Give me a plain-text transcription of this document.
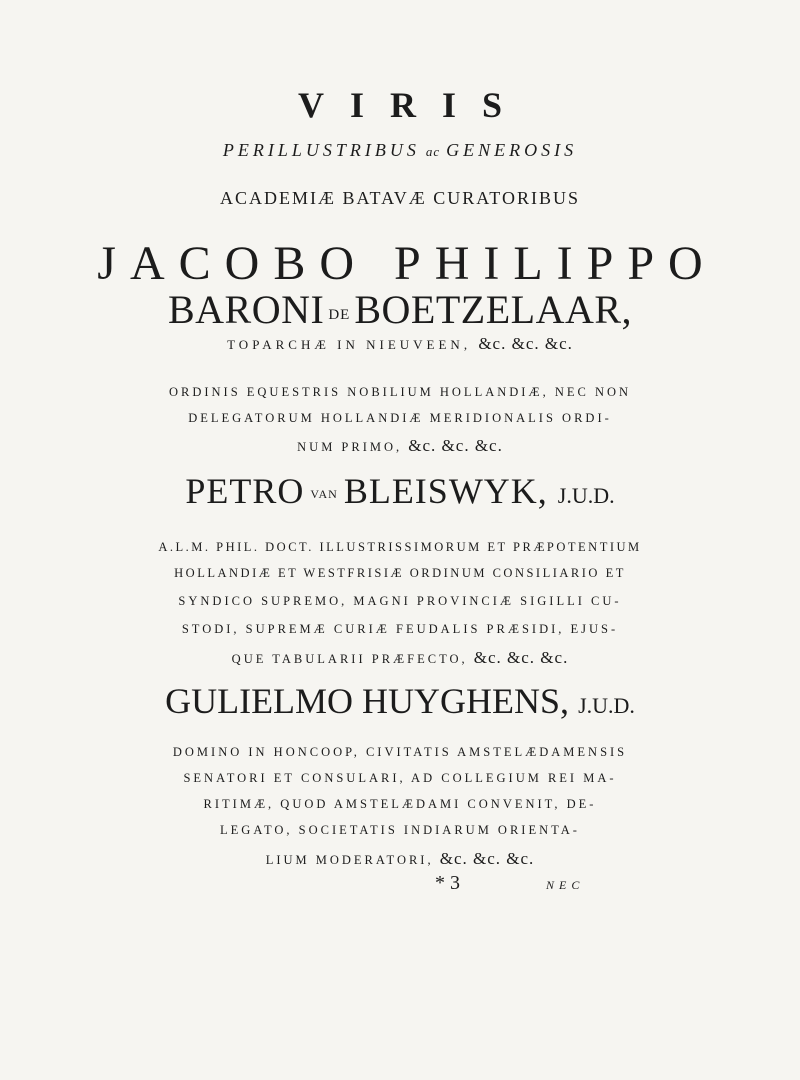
VIRIS
PERILLUSTRIBUS ac GENEROSIS
ACADEMIÆ BATAVÆ CURATORIBUS
JACOBO PHILIPPO
BARONI DE BOETZELAAR,
TOPARCHÆ IN NIEUVEEN, &c. &c. &c.
ORDINIS EQUESTRIS NOBILIUM HOLLANDIÆ, NEC NON
DELEGATORUM HOLLANDIÆ MERIDIONALIS ORDI-
NUM PRIMO, &c. &c. &c.
PETRO VAN BLEISWYK, J.U.D.
A.L.M. PHIL. DOCT. ILLUSTRISSIMORUM ET PRÆPOTENTIUM
HOLLANDIÆ ET WESTFRISIÆ ORDINUM CONSILIARIO ET
SYNDICO SUPREMO, MAGNI PROVINCIÆ SIGILLI CU-
STODI, SUPREMÆ CURIÆ FEUDALIS PRÆSIDI, EJUS-
QUE TABULARII PRÆFECTO, &c. &c. &c.
GULIELMO HUYGHENS, J.U.D.
DOMINO IN HONCOOP, CIVITATIS AMSTELÆDAMENSIS
SENATORI ET CONSULARI, AD COLLEGIUM REI MA-
RITIMÆ, QUOD AMSTELÆDAMI CONVENIT, DE-
LEGATO, SOCIETATIS INDIARUM ORIENTA-
LIUM MODERATORI, &c. &c. &c.
* 3	NEC
